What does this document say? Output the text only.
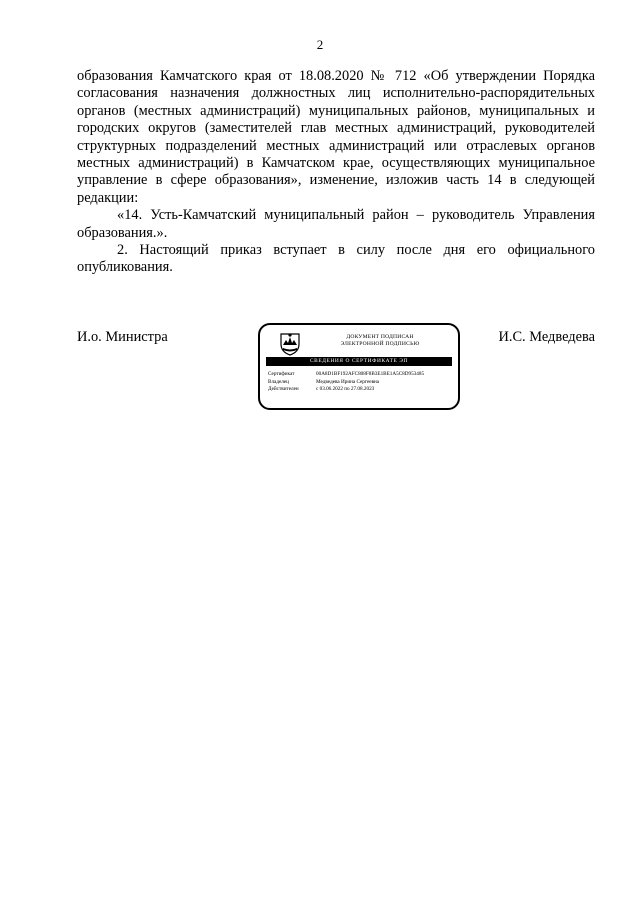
2

образования Камчатского края от 18.08.2020 № 712 «Об утверждении Порядка согласования назначения должностных лиц исполнительно-распорядительных органов (местных администраций) муниципальных районов, муниципальных и городских округов (заместителей глав местных администраций, руководителей структурных подразделений местных администраций или отраслевых органов местных администраций) в Камчатском крае, осуществляющих муниципальное управление в сфере образования», изменение, изложив часть 14 в следующей редакции:

«14. Усть-Камчатский муниципальный район – руководитель Управления образования.».

2. Настоящий приказ вступает в силу после дня его официального опубликования.

И.о. Министра	ДОКУМЕНТ ПОДПИСАН
ЭЛЕКТРОННОЙ ПОДПИСЬЮ
СВЕДЕНИЯ О СЕРТИФИКАТЕ ЭП
Сертификат	00A8D1BF192AFC808F8B3E1BE1A5C8D953485
Владелец	Медведева Ирина Сергеевна
Действителен	с 03.06.2022 по 27.08.2023
И.С. Медведева
